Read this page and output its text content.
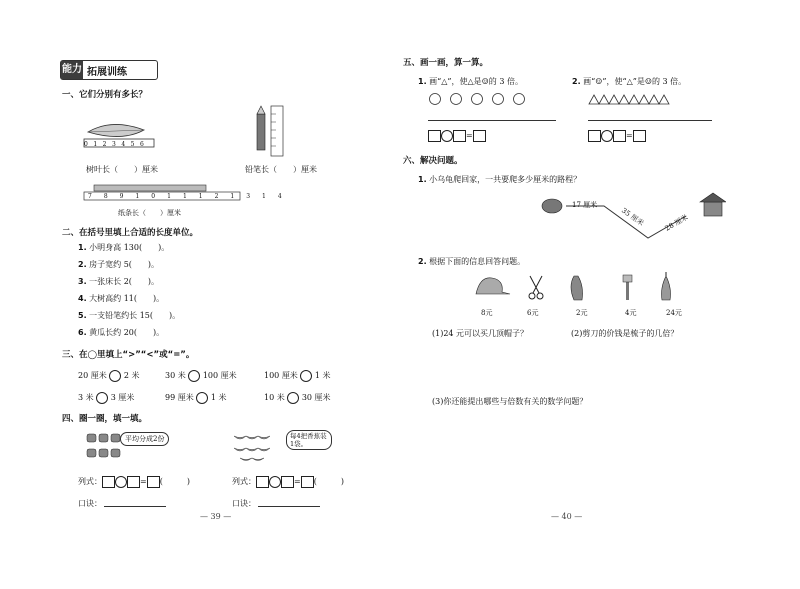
能力 拓展训练
一、它们分别有多长？
0123456
树叶长（　　）厘米	铅笔长（　　）厘米
7891011121314
纸条长（　　）厘米
二、在括号里填上合适的长度单位。
1. 小明身高 130(　　)。
2. 房子宽约 5(　　)。
3. 一张床长 2(　　)。
4. 大树高约 11(　　)。
5. 一支铅笔约长 15(　　)。
6. 黄瓜长约 20(　　)。
三、在◯里填上“>”“<”或“=”。
20 厘米 2 米	30 米 100 厘米	100 厘米 1 米
3 米 3 厘米	99 厘米 1 米	10 米 30 厘米
四、圈一圈，填一填。
平均分成2份	每4把香蕉装1袋。
列式：	= (　　　)
口诀：
列式：	= (　　　)
口诀：
— 39 —
五、画一画，算一算。
1. 画“△”，使△是☺的 3 倍。	2. 画“☺”，使“△”是☺的 3 倍。
=	=
六、解决问题。
1. 小乌龟爬回家，一共要爬多少厘米的路程？
17 厘米
35 厘米	28 厘米
2. 根据下面的信息回答问题。
8元	6元	2元	4元	24元
(1)24 元可以买几顶帽子？	(2)剪刀的价钱是梳子的几倍？
(3)你还能提出哪些与倍数有关的数学问题？
— 40 —
